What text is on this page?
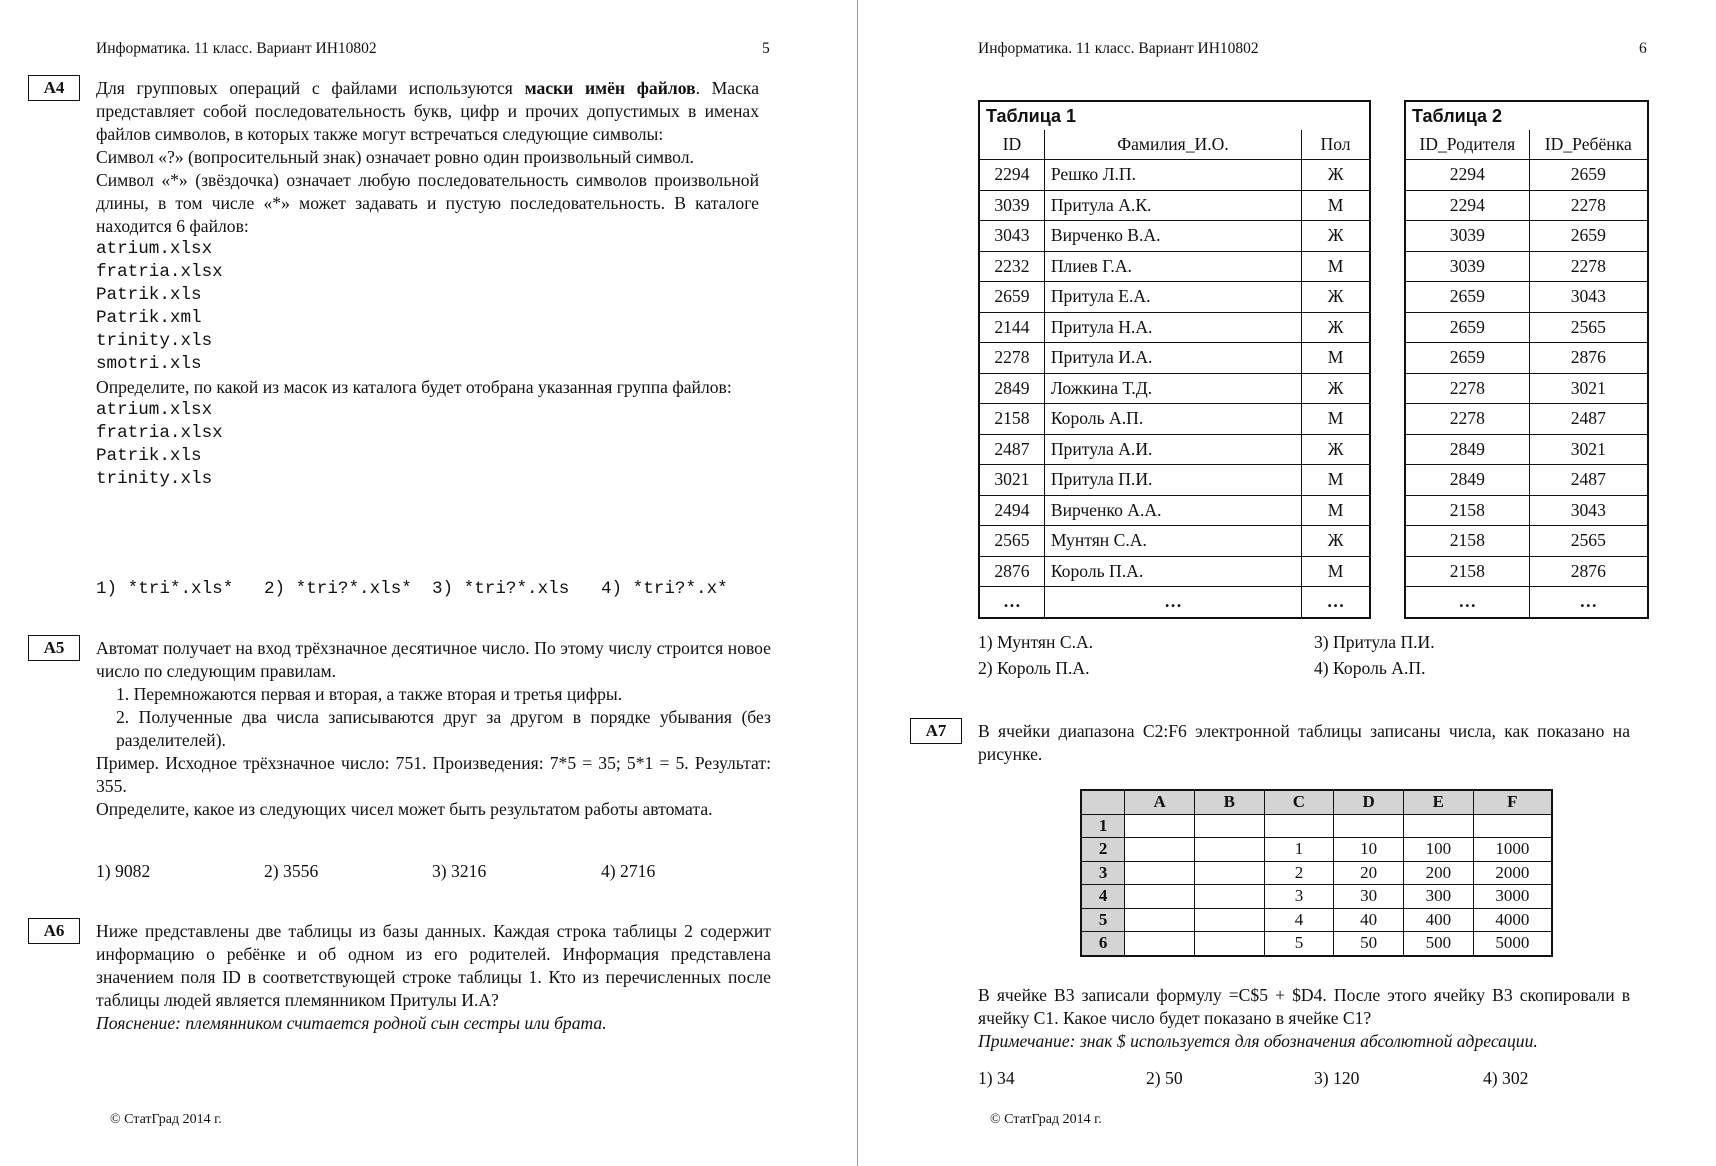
Информатика. 11 класс. Вариант ИН10802	5
А4	Для групповых операций с файлами используются маски имён файлов. Маска представляет собой последовательность букв, цифр и прочих допустимых в именах файлов символов, в которых также могут встречаться следующие символы:

Символ «?» (вопросительный знак) означает ровно один произвольный символ.

Символ «*» (звёздочка) означает любую последовательность символов произвольной длины, в том числе «*» может задавать и пустую последовательность. В каталоге находится 6 файлов:

atrium.xlsx
fratria.xlsx
Patrik.xls
Patrik.xml
trinity.xls
smotri.xls

Определите, по какой из масок из каталога будет отобрана указанная группа файлов:

atrium.xlsx
fratria.xlsx
Patrik.xls
trinity.xls
1) *tri*.xls* 2) *tri?*.xls* 3) *tri?*.xls 4) *tri?*.x*
А5	Автомат получает на вход трёхзначное десятичное число. По этому числу строится новое число по следующим правилам.

1. Перемножаются первая и вторая, а также вторая и третья цифры.

2. Полученные два числа записываются друг за другом в порядке убывания (без разделителей).

Пример. Исходное трёхзначное число: 751. Произведения: 7*5 = 35; 5*1 = 5. Результат: 355.

Определите, какое из следующих чисел может быть результатом работы автомата.

1) 9082	2) 3556	3) 3216	4) 2716
А6	Ниже представлены две таблицы из базы данных. Каждая строка таблицы 2 содержит информацию о ребёнке и об одном из его родителей. Информация представлена значением поля ID в соответствующей строке таблицы 1. Кто из перечисленных после таблицы людей является племянником Притулы И.А?

Пояснение: племянником считается родной сын сестры или брата.

© СтатГрад 2014 г.
Информатика. 11 класс. Вариант ИН10802	6
Таблица 1		
ID	Фамилия_И.О.	Пол
2294	Решко Л.П.	Ж
3039	Притула А.К.	М
3043	Вирченко В.А.	Ж
2232	Плиев Г.А.	М
2659	Притула Е.А.	Ж
2144	Притула Н.А.	Ж
2278	Притула И.А.	М
2849	Ложкина Т.Д.	Ж
2158	Король А.П.	М
2487	Притула А.И.	Ж
3021	Притула П.И.	М
2494	Вирченко А.А.	М
2565	Мунтян С.А.	Ж
2876	Король П.А.	М
…	…	…
Таблица 2	
ID_Родителя	ID_Ребёнка
2294	2659
2294	2278
3039	2659
3039	2278
2659	3043
2659	2565
2659	2876
2278	3021
2278	2487
2849	3021
2849	2487
2158	3043
2158	2565
2158	2876
…	…
1) Мунтян С.А.	3) Притула П.И.
2) Король П.А.	4) Король А.П.
А7	В ячейки диапазона C2:F6 электронной таблицы записаны числа, как показано на рисунке.
	A	B	C	D	E	F
1						
2			1	10	100	1000
3			2	20	200	2000
4			3	30	300	3000
5			4	40	400	4000
6			5	50	500	5000

В ячейке B3 записали формулу =C$5 + $D4. После этого ячейку B3 скопировали в ячейку C1. Какое число будет показано в ячейке C1?

Примечание: знак $ используется для обозначения абсолютной адресации.

1) 34	2) 50	3) 120	4) 302
© СтатГрад 2014 г.
